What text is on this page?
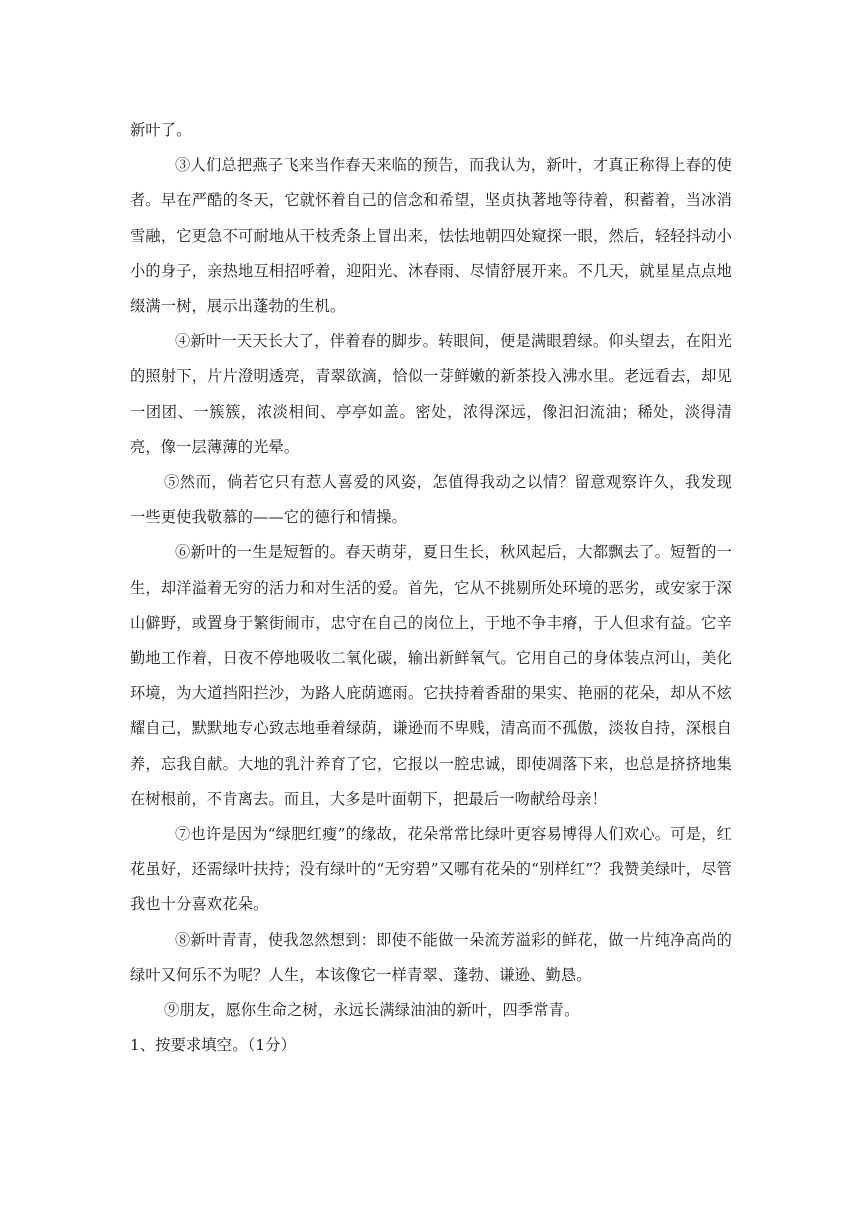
新叶了。

③人们总把燕子飞来当作春天来临的预告，而我认为，新叶，才真正称得上春的使者。早在严酷的冬天，它就怀着自己的信念和希望，坚贞执著地等待着，积蓄着，当冰消雪融，它更急不可耐地从干枝秃条上冒出来，怯怯地朝四处窥探一眼，然后，轻轻抖动小小的身子，亲热地互相招呼着，迎阳光、沐春雨、尽情舒展开来。不几天，就星星点点地缀满一树，展示出蓬勃的生机。

④新叶一天天长大了，伴着春的脚步。转眼间，便是满眼碧绿。仰头望去，在阳光的照射下，片片澄明透亮，青翠欲滴，恰似一芽鲜嫩的新茶投入沸水里。老远看去，却见一团团、一簇簇，浓淡相间、亭亭如盖。密处，浓得深远，像汩汩流油；稀处，淡得清亮，像一层薄薄的光晕。

⑤然而，倘若它只有惹人喜爱的风姿，怎值得我动之以情？留意观察许久，我发现一些更使我敬慕的——它的德行和情操。

⑥新叶的一生是短暂的。春天萌芽，夏日生长，秋风起后，大都飘去了。短暂的一生，却洋溢着无穷的活力和对生活的爱。首先，它从不挑剔所处环境的恶劣，或安家于深山僻野，或置身于繁街闹市，忠守在自己的岗位上，于地不争丰瘠，于人但求有益。它辛勤地工作着，日夜不停地吸收二氧化碳，输出新鲜氧气。它用自己的身体装点河山，美化环境，为大道挡阳拦沙，为路人庇荫遮雨。它扶持着香甜的果实、艳丽的花朵，却从不炫耀自己，默默地专心致志地垂着绿荫，谦逊而不卑贱，清高而不孤傲，淡妆自持，深根自养，忘我自献。大地的乳汁养育了它，它报以一腔忠诚，即使凋落下来，也总是挤挤地集在树根前，不肯离去。而且，大多是叶面朝下，把最后一吻献给母亲！

⑦也许是因为“绿肥红瘦”的缘故，花朵常常比绿叶更容易博得人们欢心。可是，红花虽好，还需绿叶扶持；没有绿叶的“无穷碧”又哪有花朵的“别样红”？我赞美绿叶，尽管我也十分喜欢花朵。

⑧新叶青青，使我忽然想到：即使不能做一朵流芳溢彩的鲜花，做一片纯净高尚的绿叶又何乐不为呢？人生，本该像它一样青翠、蓬勃、谦逊、勤恳。

⑨朋友，愿你生命之树，永远长满绿油油的新叶，四季常青。

1、按要求填空。（1分）
